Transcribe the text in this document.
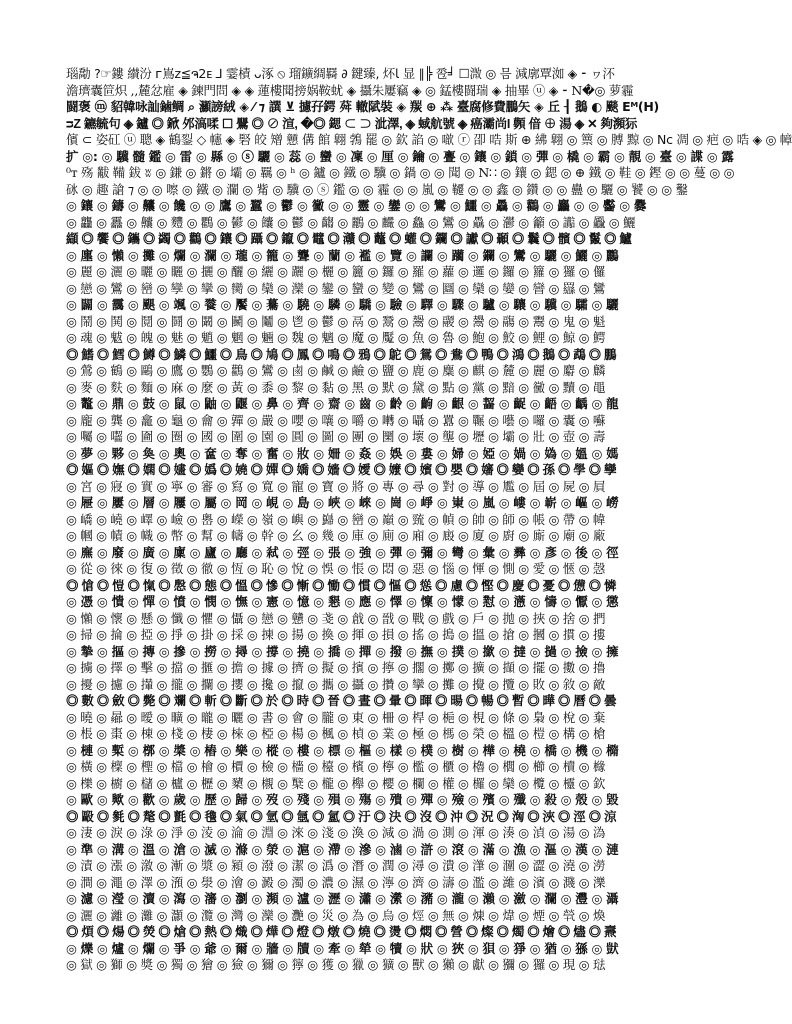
瑙勪 ?☞鏤 纉汾 ᴦ嶌ᴢ≦ຈ2ᴇ ⅃ 霎樍 ᴗ涿 ⦸ 瑠鑛綢羇 ∂ 鍵臻, 炋ﺎ 显 ∥╠ 卺╛ ☐溦 ◎ 믐 減廓覃洳 ◈ ⁃ ヮ㳅
澹璾囊笸炽 ,,麓忿雇 ◈ 鍊門問 ◈ ◈ 蓮樓聞搒娲鞍蚘 ◈ 攝朱屢竊 ◈ ◎ 錳樓闘瑞 ◈ 抽畢 ⓤ ◈ ⁃ N�◎ 萝霾
闘褒 ⓜ 貂韓咏訕鏀鲷 ⌕ 灦謗絨 ◈ ⁄ ⁊ 譔 ⊻ 攄孖鍔 荈 轍陚裝 ◈ 羰 ⊕ ⁂ 臺腐修費鵬矢 ◈ 丘 ┨ 鵝 ◐ 颷 Eᴹ(H)
ᴝZ 鑣毓句 ◈ 鑪 ◎ 鍁 邜滈㖻 ☐ 鷪 ◎ ⊘ 渲, �◎ 鍶 ⊂ ⊃ 泚澤, ◈ 蜮航號 ◈ 癌灞尚I 顭 偣 ⊕ 湯 ◈ ✕ 夠瀕狋
儐 ⊂ 姿矼 ⓤ 聰 ◈ 鶴銐 ◇ 幰 ◈ 硻 皎 矰 戅 傋 館 翺 鵓 罷 ◎ 欽 諂 ◎ 噷 ⓡ 卲 哠 斯 ⊕ 紼 翺 ◎ 篻 ◎ 膊 黥 ◎ Nᴄ 凋 ◎ 疤 ◎ 哠 ◈ ◎ 幛
扩 ◎: ◎ 驥 髓 鑑 ◎ 雷 ◎ 縣 ◎ ⓢ 驪 ◎ 蕊 ◎ 蠻 ◎ 凜 ◎ 厘 ◎ 鑰 ◎ 亹 ◎ 鑲 ◎ 鎖 ◎ 彈 ◎ 橇 ◎ 霸 ◎ 靚 ◎ 臺 ◎ 諜 ◎ 露
⁰ᴛ 殇 黻 鞴 鈸 ʬ ◎ 鎌 ◎ 鏘 ◎ 壩 ◎ 羈 ◎ ʰ ◎ 鑪 ◎ 鐵 ◎ 驥 ◎ 鍋 ◎ ◎ 聞 ◎ N∷ ◎ 鑲 ◎ 鍶 ◎ ⊕ 鐵 ◎ 鞋 ◎ 鏗 ◎ ◎ 蔓 ◎ ◎
砯 ◎ 趣 謒 ⁊ ◎ ◎ 嚓 ◎ 鐵 ◎ 瀾 ◎ 觜 ◎ 驥 ◎ ⓢ 鑑 ◎ ◎ 霾 ◎ ◎ 嵐 ◎ 韆 ◎ ◎ 鑫 ◎ 鑽 ◎ ◎ 蠱 ◎ 驪 ◎ 饕 ◎ ◎ 鑿
◎ 鑲 ◎ 鑄 ◎ 齉 ◎ 饞 ◎ ◎ 鷹 ◎ 蠶 ◎ 鬱 ◎ 黴 ◎ ◎ 靈 ◎ 鑾 ◎ ◎ 鸞 ◎ 鱷 ◎ 驫 ◎ 鸛 ◎ 麤 ◎ ◎ 齾 ◎ 爨
◎ 龘 ◎ 靐 ◎ 齉 ◎ 麷 ◎ 鸜 ◎ 鬰 ◎ 饢 ◎ 鬱 ◎ 齺 ◎ 鸝 ◎ 麣 ◎ 鱻 ◎ 鸞 ◎ 驫 ◎ 灪 ◎ 籲 ◎ 讟 ◎ 飍 ◎ 鱺
纈 ◎ 饗 ◎ 鑴 ◎ 蠲 ◎ 鸛 ◎ 鑲 ◎ 躡 ◎ 鑹 ◎ 鼊 ◎ 灨 ◎ 虌 ◎ 蠸 ◎ 鑭 ◎ 讞 ◎ 顳 ◎ 鬤 ◎ 髕 ◎ 鬣 ◎ 鱸
◎ 廛 ◎ 懶 ◎ 攤 ◎ 爛 ◎ 瀾 ◎ 瓏 ◎ 籠 ◎ 聾 ◎ 蘭 ◎ 襤 ◎ 覽 ◎ 讕 ◎ 躪 ◎ 鑭 ◎ 鸞 ◎ 驪 ◎ 鱺 ◎ 鸝
◎ 麗 ◎ 灑 ◎ 曬 ◎ 矖 ◎ 攦 ◎ 釃 ◎ 纚 ◎ 躧 ◎ 欐 ◎ 籭 ◎ 鑼 ◎ 羅 ◎ 蘿 ◎ 邏 ◎ 鑼 ◎ 籮 ◎ 玀 ◎ 儸
◎ 戀 ◎ 鸞 ◎ 巒 ◎ 孿 ◎ 攣 ◎ 臠 ◎ 欒 ◎ 灤 ◎ 鑾 ◎ 蠻 ◎ 變 ◎ 鸞 ◎ 圝 ◎ 欒 ◎ 孌 ◎ 曫 ◎ 羉 ◎ 鸞
◎ 闢 ◎ 靄 ◎ 颶 ◎ 颯 ◎ 餮 ◎ 饜 ◎ 驀 ◎ 驍 ◎ 驎 ◎ 驕 ◎ 驗 ◎ 驛 ◎ 驟 ◎ 驢 ◎ 驤 ◎ 驥 ◎ 驦 ◎ 驪
◎ 鬧 ◎ 鬨 ◎ 鬩 ◎ 鬪 ◎ 鬫 ◎ 鬭 ◎ 鬮 ◎ 鬯 ◎ 鬱 ◎ 鬲 ◎ 鬵 ◎ 鬶 ◎ 鬷 ◎ 鬹 ◎ 鬺 ◎ 鬻 ◎ 鬼 ◎ 魁
◎ 魂 ◎ 魃 ◎ 魄 ◎ 魅 ◎ 魈 ◎ 魍 ◎ 魎 ◎ 魏 ◎ 魑 ◎ 魔 ◎ 魘 ◎ 魚 ◎ 魯 ◎ 鮑 ◎ 鮫 ◎ 鯉 ◎ 鯨 ◎ 鰐
◎ 鰭 ◎ 鱈 ◎ 鱒 ◎ 鱗 ◎ 鱷 ◎ 鳥 ◎ 鳩 ◎ 鳳 ◎ 鳴 ◎ 鴉 ◎ 鴕 ◎ 鴛 ◎ 鴦 ◎ 鴨 ◎ 鴻 ◎ 鵝 ◎ 鵡 ◎ 鵬
◎ 鶯 ◎ 鶴 ◎ 鷗 ◎ 鷹 ◎ 鸚 ◎ 鸛 ◎ 鸞 ◎ 鹵 ◎ 鹹 ◎ 鹼 ◎ 鹽 ◎ 鹿 ◎ 麋 ◎ 麒 ◎ 麓 ◎ 麗 ◎ 麝 ◎ 麟
◎ 麥 ◎ 麩 ◎ 麵 ◎ 麻 ◎ 麼 ◎ 黃 ◎ 黍 ◎ 黎 ◎ 黏 ◎ 黑 ◎ 默 ◎ 黛 ◎ 點 ◎ 黨 ◎ 黯 ◎ 黴 ◎ 黷 ◎ 黽
◎ 鼇 ◎ 鼎 ◎ 鼓 ◎ 鼠 ◎ 鼬 ◎ 鼴 ◎ 鼻 ◎ 齊 ◎ 齋 ◎ 齒 ◎ 齡 ◎ 齣 ◎ 齦 ◎ 齧 ◎ 齪 ◎ 齬 ◎ 齲 ◎ 龍
◎ 龐 ◎ 龔 ◎ 龕 ◎ 龜 ◎ 龠 ◎ 嚲 ◎ 嚴 ◎ 嚶 ◎ 嚷 ◎ 嚼 ◎ 囀 ◎ 囁 ◎ 囂 ◎ 囅 ◎ 囈 ◎ 囉 ◎ 囊 ◎ 囌
◎ 囑 ◎ 囓 ◎ 圇 ◎ 圈 ◎ 國 ◎ 圍 ◎ 園 ◎ 圓 ◎ 圖 ◎ 團 ◎ 圞 ◎ 壞 ◎ 壟 ◎ 壢 ◎ 壩 ◎ 壯 ◎ 壺 ◎ 壽
◎ 夢 ◎ 夥 ◎ 奐 ◎ 奧 ◎ 奩 ◎ 奪 ◎ 奮 ◎ 妝 ◎ 姍 ◎ 姦 ◎ 娛 ◎ 婁 ◎ 婦 ◎ 婭 ◎ 媧 ◎ 媯 ◎ 媼 ◎ 媽
◎ 嫗 ◎ 嫵 ◎ 嫻 ◎ 嫿 ◎ 嬀 ◎ 嬈 ◎ 嬋 ◎ 嬌 ◎ 嬙 ◎ 嬡 ◎ 嬤 ◎ 嬪 ◎ 嬰 ◎ 嬸 ◎ 孌 ◎ 孫 ◎ 學 ◎ 孿
◎ 宮 ◎ 寢 ◎ 實 ◎ 寧 ◎ 審 ◎ 寫 ◎ 寬 ◎ 寵 ◎ 寶 ◎ 將 ◎ 專 ◎ 尋 ◎ 對 ◎ 導 ◎ 尷 ◎ 屆 ◎ 屍 ◎ 屓
◎ 屜 ◎ 屢 ◎ 層 ◎ 屨 ◎ 屬 ◎ 岡 ◎ 峴 ◎ 島 ◎ 峽 ◎ 崍 ◎ 崗 ◎ 崢 ◎ 崬 ◎ 嵐 ◎ 嶁 ◎ 嶄 ◎ 嶇 ◎ 嶗
◎ 嶠 ◎ 嶢 ◎ 嶧 ◎ 嶮 ◎ 嶴 ◎ 嶸 ◎ 嶺 ◎ 嶼 ◎ 巋 ◎ 巒 ◎ 巔 ◎ 巰 ◎ 幀 ◎ 帥 ◎ 師 ◎ 帳 ◎ 帶 ◎ 幃
◎ 幗 ◎ 幘 ◎ 幟 ◎ 幣 ◎ 幫 ◎ 幬 ◎ 幹 ◎ 幺 ◎ 幾 ◎ 庫 ◎ 廁 ◎ 廂 ◎ 廄 ◎ 廈 ◎ 廚 ◎ 廝 ◎ 廟 ◎ 廠
◎ 廡 ◎ 廢 ◎ 廣 ◎ 廩 ◎ 廬 ◎ 廳 ◎ 弒 ◎ 弳 ◎ 張 ◎ 強 ◎ 彈 ◎ 彌 ◎ 彎 ◎ 彙 ◎ 彞 ◎ 彥 ◎ 後 ◎ 徑
◎ 從 ◎ 徠 ◎ 復 ◎ 徵 ◎ 徹 ◎ 恆 ◎ 恥 ◎ 悅 ◎ 悞 ◎ 悵 ◎ 悶 ◎ 惡 ◎ 惱 ◎ 惲 ◎ 惻 ◎ 愛 ◎ 愜 ◎ 愨
◎ 愴 ◎ 愷 ◎ 愾 ◎ 慇 ◎ 態 ◎ 慍 ◎ 慘 ◎ 慚 ◎ 慟 ◎ 慣 ◎ 慪 ◎ 慫 ◎ 慮 ◎ 慳 ◎ 慶 ◎ 憂 ◎ 憊 ◎ 憐
◎ 憑 ◎ 憒 ◎ 憚 ◎ 憤 ◎ 憫 ◎ 憮 ◎ 憲 ◎ 憶 ◎ 懇 ◎ 應 ◎ 懌 ◎ 懍 ◎ 懞 ◎ 懟 ◎ 懣 ◎ 懤 ◎ 懨 ◎ 懲
◎ 懶 ◎ 懷 ◎ 懸 ◎ 懺 ◎ 懼 ◎ 懾 ◎ 戀 ◎ 戇 ◎ 戔 ◎ 戧 ◎ 戩 ◎ 戰 ◎ 戲 ◎ 戶 ◎ 拋 ◎ 挾 ◎ 捨 ◎ 捫
◎ 掃 ◎ 掄 ◎ 掗 ◎ 掙 ◎ 掛 ◎ 採 ◎ 揀 ◎ 揚 ◎ 換 ◎ 揮 ◎ 損 ◎ 搖 ◎ 搗 ◎ 搵 ◎ 搶 ◎ 摑 ◎ 摜 ◎ 摟
◎ 摯 ◎ 摳 ◎ 摶 ◎ 摻 ◎ 撈 ◎ 撏 ◎ 撐 ◎ 撓 ◎ 撟 ◎ 撣 ◎ 撥 ◎ 撫 ◎ 撲 ◎ 撳 ◎ 撻 ◎ 撾 ◎ 撿 ◎ 擁
◎ 擄 ◎ 擇 ◎ 擊 ◎ 擋 ◎ 擓 ◎ 擔 ◎ 據 ◎ 擠 ◎ 擬 ◎ 擯 ◎ 擰 ◎ 擱 ◎ 擲 ◎ 擴 ◎ 擷 ◎ 擺 ◎ 擻 ◎ 擼
◎ 擾 ◎ 攄 ◎ 攆 ◎ 攏 ◎ 攔 ◎ 攖 ◎ 攙 ◎ 攛 ◎ 攜 ◎ 攝 ◎ 攢 ◎ 攣 ◎ 攤 ◎ 攪 ◎ 攬 ◎ 敗 ◎ 敘 ◎ 敵
◎ 數 ◎ 斂 ◎ 斃 ◎ 斕 ◎ 斬 ◎ 斷 ◎ 於 ◎ 時 ◎ 晉 ◎ 晝 ◎ 暈 ◎ 暉 ◎ 暘 ◎ 暢 ◎ 暫 ◎ 曄 ◎ 曆 ◎ 曇
◎ 曉 ◎ 曏 ◎ 曖 ◎ 曠 ◎ 曨 ◎ 曬 ◎ 書 ◎ 會 ◎ 朧 ◎ 東 ◎ 柵 ◎ 桿 ◎ 梔 ◎ 梘 ◎ 條 ◎ 梟 ◎ 梲 ◎ 棄
◎ 棖 ◎ 棗 ◎ 棟 ◎ 棧 ◎ 棲 ◎ 棶 ◎ 椏 ◎ 楊 ◎ 楓 ◎ 楨 ◎ 業 ◎ 極 ◎ 榪 ◎ 榮 ◎ 榲 ◎ 榿 ◎ 構 ◎ 槍
◎ 槤 ◎ 槧 ◎ 槨 ◎ 槳 ◎ 樁 ◎ 樂 ◎ 樅 ◎ 樓 ◎ 標 ◎ 樞 ◎ 樣 ◎ 樸 ◎ 樹 ◎ 樺 ◎ 橈 ◎ 橋 ◎ 機 ◎ 橢
◎ 橫 ◎ 檁 ◎ 檉 ◎ 檔 ◎ 檜 ◎ 檟 ◎ 檢 ◎ 檣 ◎ 檯 ◎ 檳 ◎ 檸 ◎ 檻 ◎ 櫃 ◎ 櫓 ◎ 櫚 ◎ 櫛 ◎ 櫝 ◎ 櫞
◎ 櫟 ◎ 櫥 ◎ 櫧 ◎ 櫨 ◎ 櫪 ◎ 櫫 ◎ 櫬 ◎ 櫱 ◎ 櫳 ◎ 櫸 ◎ 櫻 ◎ 欄 ◎ 權 ◎ 欏 ◎ 欒 ◎ 欖 ◎ 欞 ◎ 欽
◎ 歐 ◎ 歟 ◎ 歡 ◎ 歲 ◎ 歷 ◎ 歸 ◎ 歿 ◎ 殘 ◎ 殞 ◎ 殤 ◎ 殨 ◎ 殫 ◎ 殮 ◎ 殯 ◎ 殲 ◎ 殺 ◎ 殼 ◎ 毀
◎ 毆 ◎ 毿 ◎ 氂 ◎ 氈 ◎ 氌 ◎ 氣 ◎ 氫 ◎ 氬 ◎ 氳 ◎ 汙 ◎ 決 ◎ 沒 ◎ 沖 ◎ 況 ◎ 洶 ◎ 浹 ◎ 涇 ◎ 涼
◎ 淒 ◎ 淚 ◎ 淥 ◎ 淨 ◎ 淩 ◎ 淪 ◎ 淵 ◎ 淶 ◎ 淺 ◎ 渙 ◎ 減 ◎ 渦 ◎ 測 ◎ 渾 ◎ 湊 ◎ 湞 ◎ 湯 ◎ 溈
◎ 準 ◎ 溝 ◎ 溫 ◎ 滄 ◎ 滅 ◎ 滌 ◎ 滎 ◎ 滬 ◎ 滯 ◎ 滲 ◎ 滷 ◎ 滸 ◎ 滾 ◎ 滿 ◎ 漁 ◎ 漚 ◎ 漢 ◎ 漣
◎ 漬 ◎ 漲 ◎ 漵 ◎ 漸 ◎ 漿 ◎ 潁 ◎ 潑 ◎ 潔 ◎ 潙 ◎ 潛 ◎ 潤 ◎ 潯 ◎ 潰 ◎ 潷 ◎ 潿 ◎ 澀 ◎ 澆 ◎ 澇
◎ 澗 ◎ 澠 ◎ 澤 ◎ 澦 ◎ 澩 ◎ 澮 ◎ 澱 ◎ 濁 ◎ 濃 ◎ 濕 ◎ 濘 ◎ 濟 ◎ 濤 ◎ 濫 ◎ 濰 ◎ 濱 ◎ 濺 ◎ 濼
◎ 濾 ◎ 瀅 ◎ 瀆 ◎ 瀉 ◎ 瀋 ◎ 瀏 ◎ 瀕 ◎ 瀘 ◎ 瀝 ◎ 瀟 ◎ 瀠 ◎ 瀦 ◎ 瀧 ◎ 瀨 ◎ 瀲 ◎ 瀾 ◎ 灃 ◎ 灄
◎ 灑 ◎ 灕 ◎ 灘 ◎ 灝 ◎ 灠 ◎ 灣 ◎ 灤 ◎ 灧 ◎ 災 ◎ 為 ◎ 烏 ◎ 烴 ◎ 無 ◎ 煉 ◎ 煒 ◎ 煙 ◎ 煢 ◎ 煥
◎ 煩 ◎ 煬 ◎ 熒 ◎ 熗 ◎ 熱 ◎ 熾 ◎ 燁 ◎ 燈 ◎ 燉 ◎ 燒 ◎ 燙 ◎ 燜 ◎ 營 ◎ 燦 ◎ 燭 ◎ 燴 ◎ 燼 ◎ 燾
◎ 爍 ◎ 爐 ◎ 爛 ◎ 爭 ◎ 爺 ◎ 爾 ◎ 牆 ◎ 牘 ◎ 牽 ◎ 犖 ◎ 犢 ◎ 狀 ◎ 狹 ◎ 狽 ◎ 猙 ◎ 猶 ◎ 猻 ◎ 獃
◎ 獄 ◎ 獅 ◎ 獎 ◎ 獨 ◎ 獪 ◎ 獫 ◎ 獮 ◎ 獰 ◎ 獲 ◎ 獵 ◎ 獷 ◎ 獸 ◎ 獺 ◎ 獻 ◎ 獼 ◎ 玀 ◎ 現 ◎ 琺
